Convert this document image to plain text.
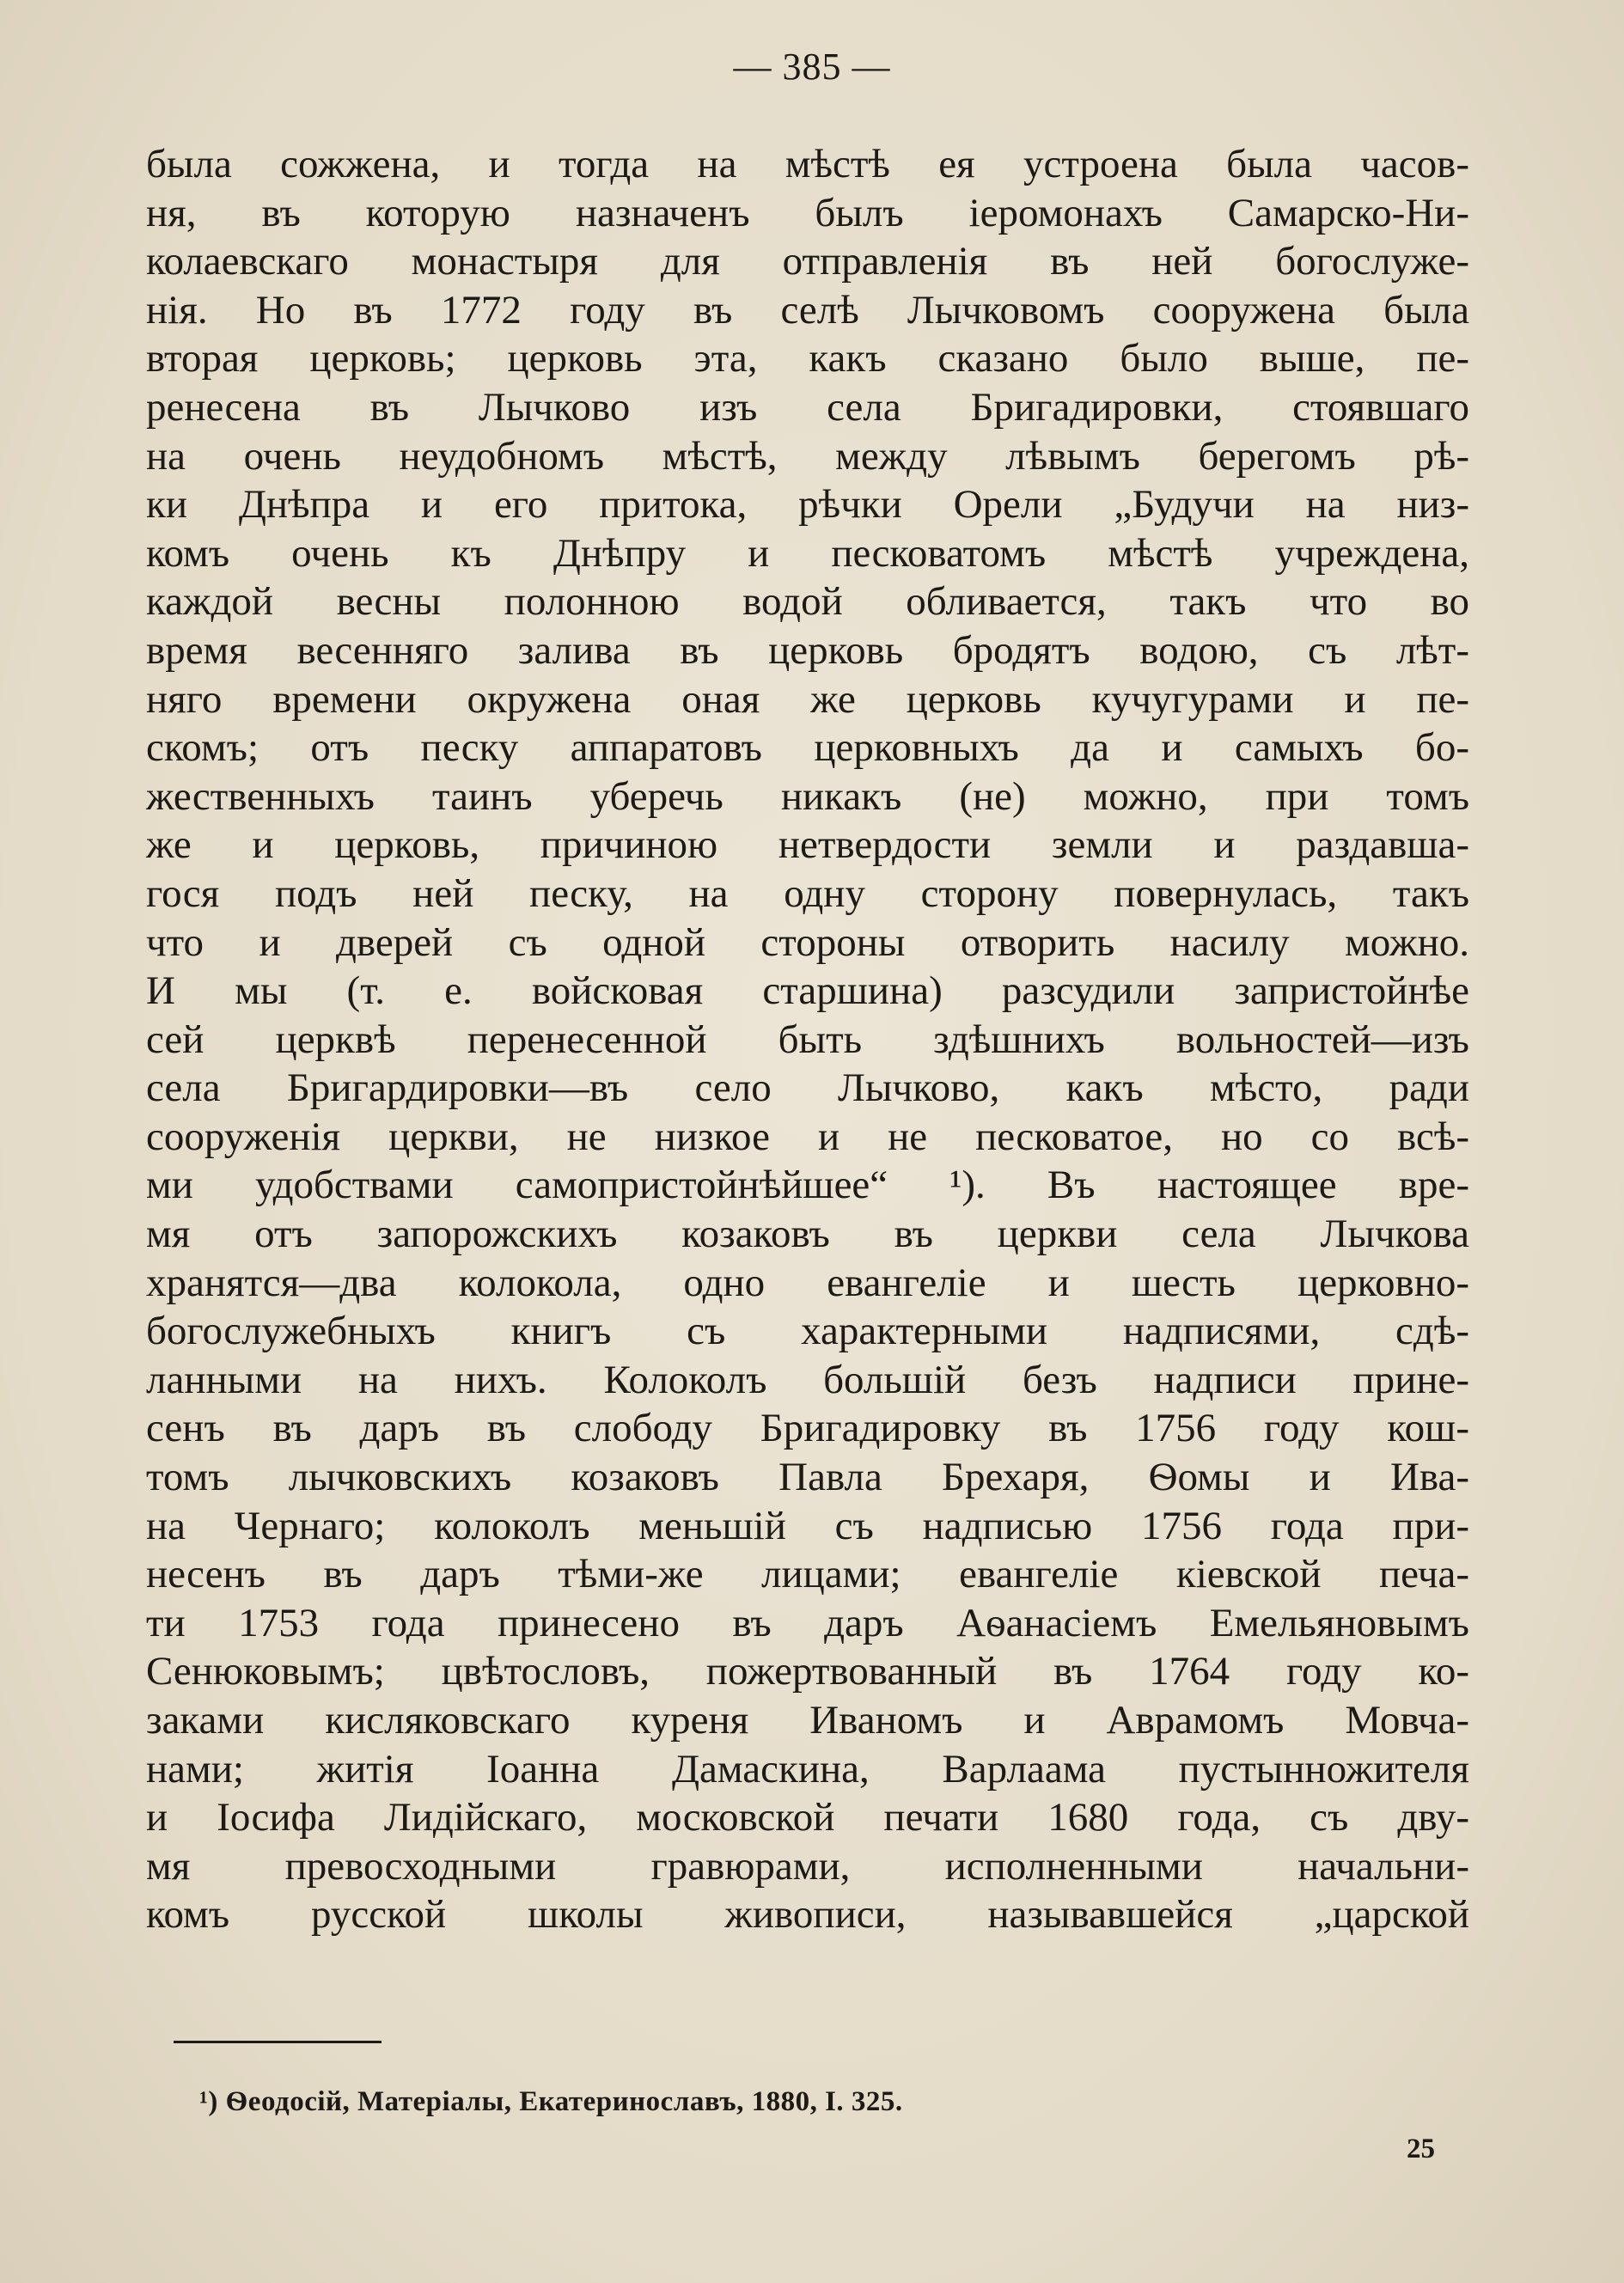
— 385 —
была сожжена, и тогда на мѣстѣ ея устроена была часов-
ня, въ которую назначенъ былъ іеромонахъ Самарско-Ни-
колаевскаго монастыря для отправленія въ ней богослуже-
нія. Но въ 1772 году въ селѣ Лычковомъ сооружена была
вторая церковь; церковь эта, какъ сказано было выше, пе-
ренесена въ Лычково изъ села Бригадировки, стоявшаго
на очень неудобномъ мѣстѣ, между лѣвымъ берегомъ рѣ-
ки Днѣпра и его притока, рѣчки Орели „Будучи на низ-
комъ очень къ Днѣпру и песковатомъ мѣстѣ учреждена,
каждой весны полонною водой обливается, такъ что во
время весенняго залива въ церковь бродятъ водою, съ лѣт-
няго времени окружена оная же церковь кучугурами и пе-
скомъ; отъ песку аппаратовъ церковныхъ да и самыхъ бо-
жественныхъ таинъ уберечь никакъ (не) можно, при томъ
же и церковь, причиною нетвердости земли и раздавша-
гося подъ ней песку, на одну сторону повернулась, такъ
что и дверей съ одной стороны отворить насилу можно.
И мы (т. е. войсковая старшина) разсудили запристойнѣе
сей церквѣ перенесенной быть здѣшнихъ вольностей—изъ
села Бригардировки—въ село Лычково, какъ мѣсто, ради
сооруженія церкви, не низкое и не песковатое, но со всѣ-
ми удобствами самопристойнѣйшее“ ¹). Въ настоящее вре-
мя отъ запорожскихъ козаковъ въ церкви села Лычкова
хранятся—два колокола, одно евангеліе и шесть церковно-
богослужебныхъ книгъ съ характерными надписями, сдѣ-
ланными на нихъ. Колоколъ большій безъ надписи прине-
сенъ въ даръ въ слободу Бригадировку въ 1756 году кош-
томъ лычковскихъ козаковъ Павла Брехаря, Ѳомы и Ива-
на Чернаго; колоколъ меньшій съ надписью 1756 года при-
несенъ въ даръ тѣми-же лицами; евангеліе кіевской печа-
ти 1753 года принесено въ даръ Аѳанасіемъ Емельяновымъ
Сенюковымъ; цвѣтословъ, пожертвованный въ 1764 году ко-
заками кисляковскаго куреня Иваномъ и Аврамомъ Мовча-
нами; житія Іоанна Дамаскина, Варлаама пустынножителя
и Іосифа Лидійскаго, московской печати 1680 года, съ дву-
мя превосходными гравюрами, исполненными начальни-
комъ русской школы живописи, называвшейся „царской
¹) Ѳеодосій, Матеріалы, Екатеринославъ, 1880, I. 325.
25
